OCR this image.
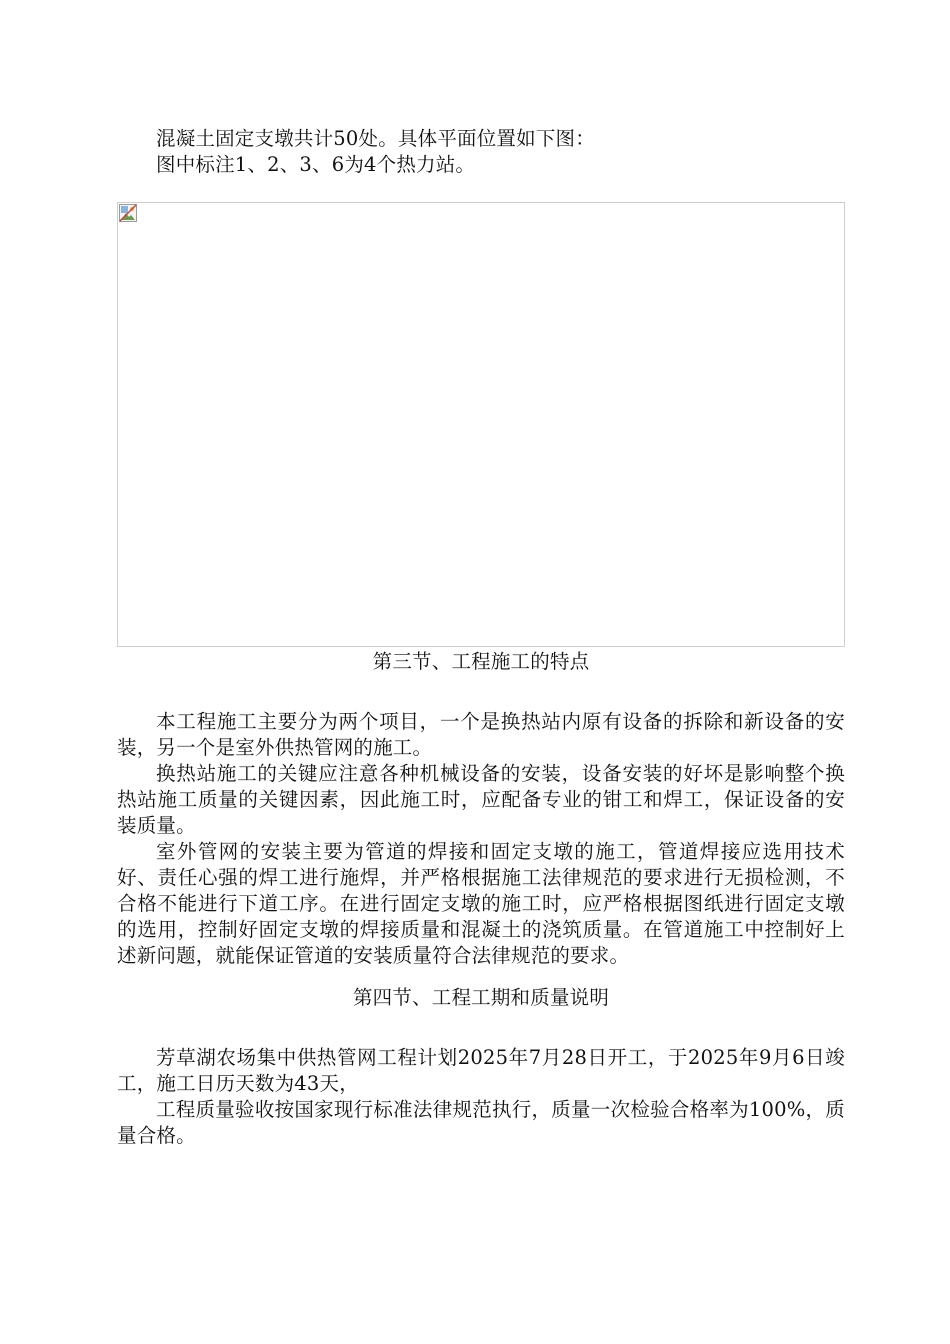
混凝土固定支墩共计50处。具体平面位置如下图：

图中标注1、2、3、6为4个热力站。

第三节、工程施工的特点

本工程施工主要分为两个项目，一个是换热站内原有设备的拆除和新设备的安装，另一个是室外供热管网的施工。

换热站施工的关键应注意各种机械设备的安装，设备安装的好坏是影响整个换热站施工质量的关键因素，因此施工时，应配备专业的钳工和焊工，保证设备的安装质量。

室外管网的安装主要为管道的焊接和固定支墩的施工，管道焊接应选用技术好、责任心强的焊工进行施焊，并严格根据施工法律规范的要求进行无损检测，不合格不能进行下道工序。在进行固定支墩的施工时，应严格根据图纸进行固定支墩的选用，控制好固定支墩的焊接质量和混凝土的浇筑质量。在管道施工中控制好上述新问题，就能保证管道的安装质量符合法律规范的要求。

第四节、工程工期和质量说明

芳草湖农场集中供热管网工程计划2025年7月28日开工，于2025年9月6日竣工，施工日历天数为43天，

工程质量验收按国家现行标准法律规范执行，质量一次检验合格率为100%，质量合格。
